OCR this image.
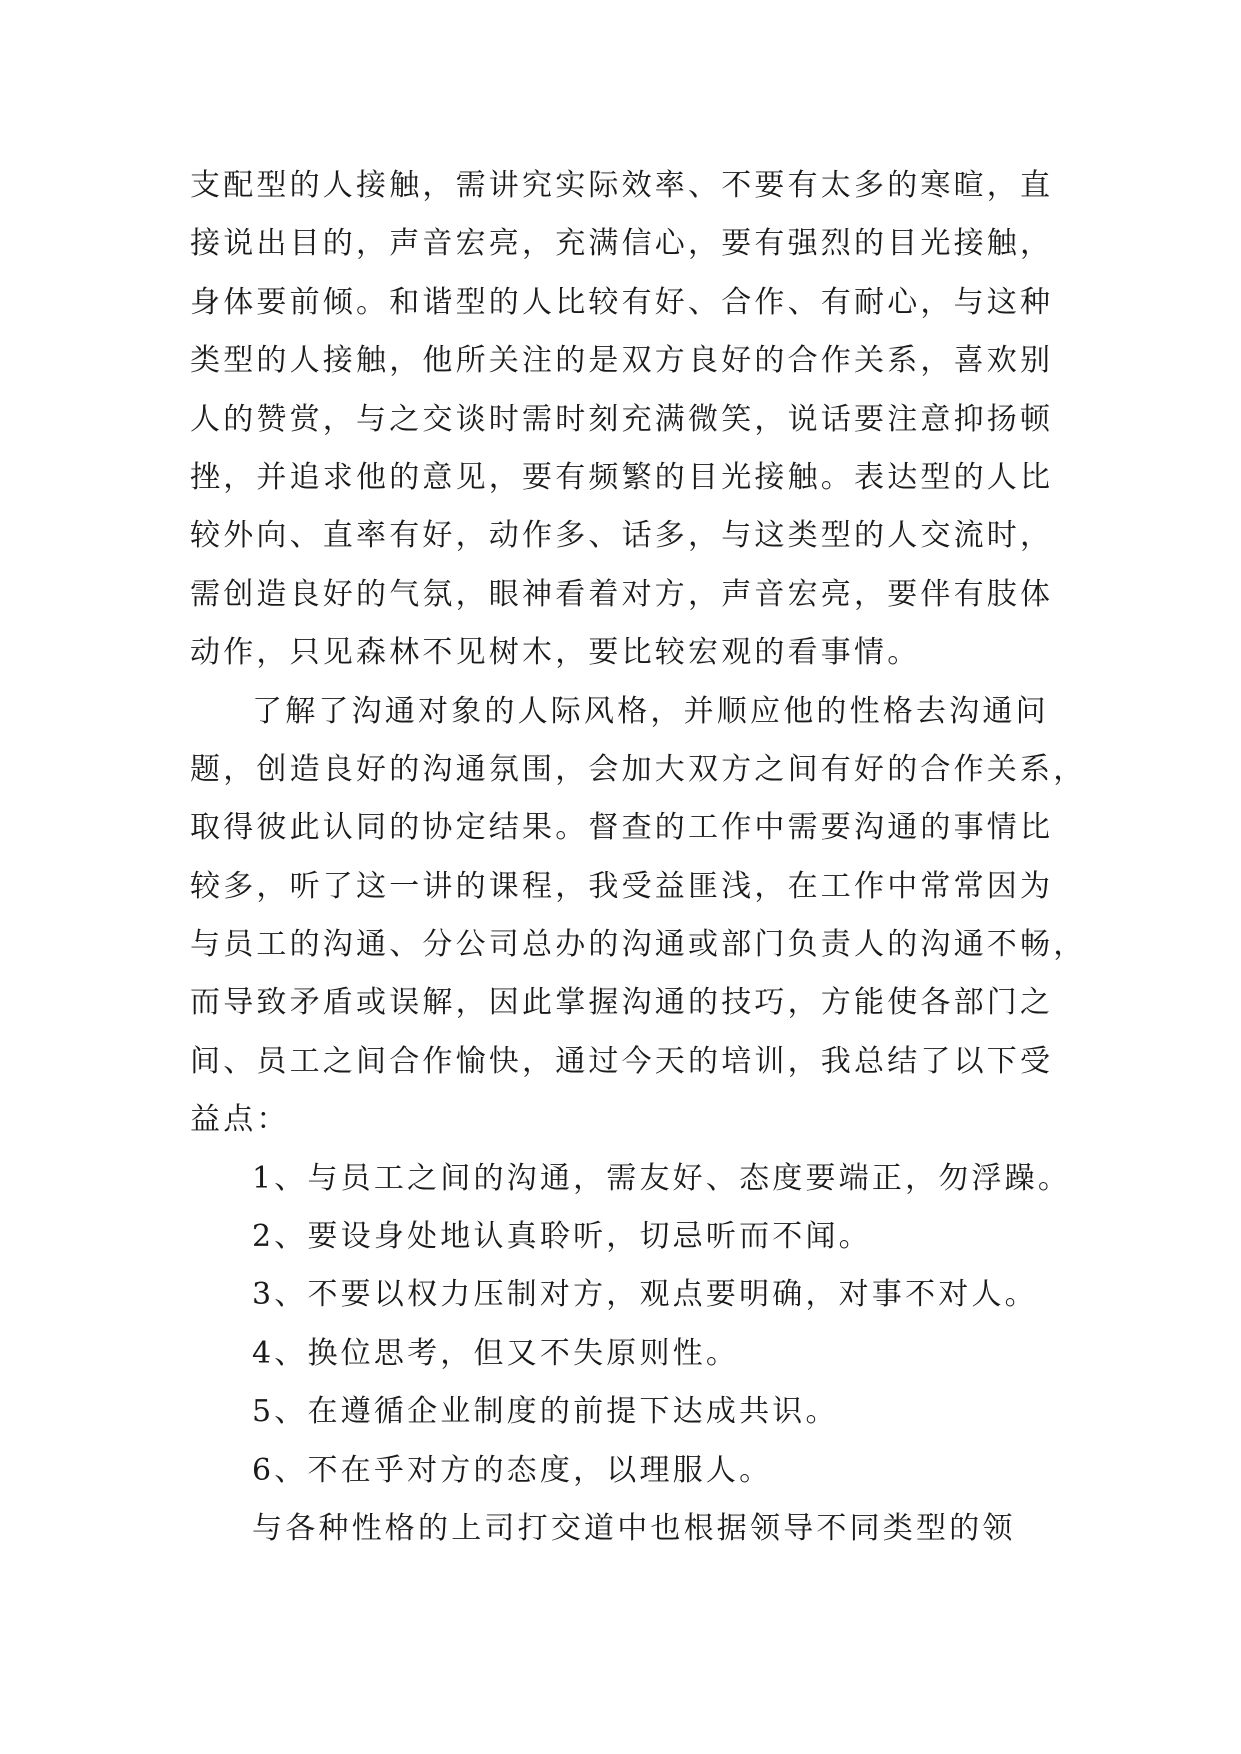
支配型的人接触，需讲究实际效率、不要有太多的寒暄，直
接说出目的，声音宏亮，充满信心，要有强烈的目光接触，
身体要前倾。和谐型的人比较有好、合作、有耐心，与这种
类型的人接触，他所关注的是双方良好的合作关系，喜欢别
人的赞赏，与之交谈时需时刻充满微笑，说话要注意抑扬顿
挫，并追求他的意见，要有频繁的目光接触。表达型的人比
较外向、直率有好，动作多、话多，与这类型的人交流时，
需创造良好的气氛，眼神看着对方，声音宏亮，要伴有肢体
动作，只见森林不见树木，要比较宏观的看事情。
了解了沟通对象的人际风格，并顺应他的性格去沟通问
题，创造良好的沟通氛围，会加大双方之间有好的合作关系，
取得彼此认同的协定结果。督查的工作中需要沟通的事情比
较多，听了这一讲的课程，我受益匪浅，在工作中常常因为
与员工的沟通、分公司总办的沟通或部门负责人的沟通不畅，
而导致矛盾或误解，因此掌握沟通的技巧，方能使各部门之
间、员工之间合作愉快，通过今天的培训，我总结了以下受
益点：
1、与员工之间的沟通，需友好、态度要端正，勿浮躁。
2、要设身处地认真聆听，切忌听而不闻。
3、不要以权力压制对方，观点要明确，对事不对人。
4、换位思考，但又不失原则性。
5、在遵循企业制度的前提下达成共识。
6、不在乎对方的态度，以理服人。
与各种性格的上司打交道中也根据领导不同类型的领
